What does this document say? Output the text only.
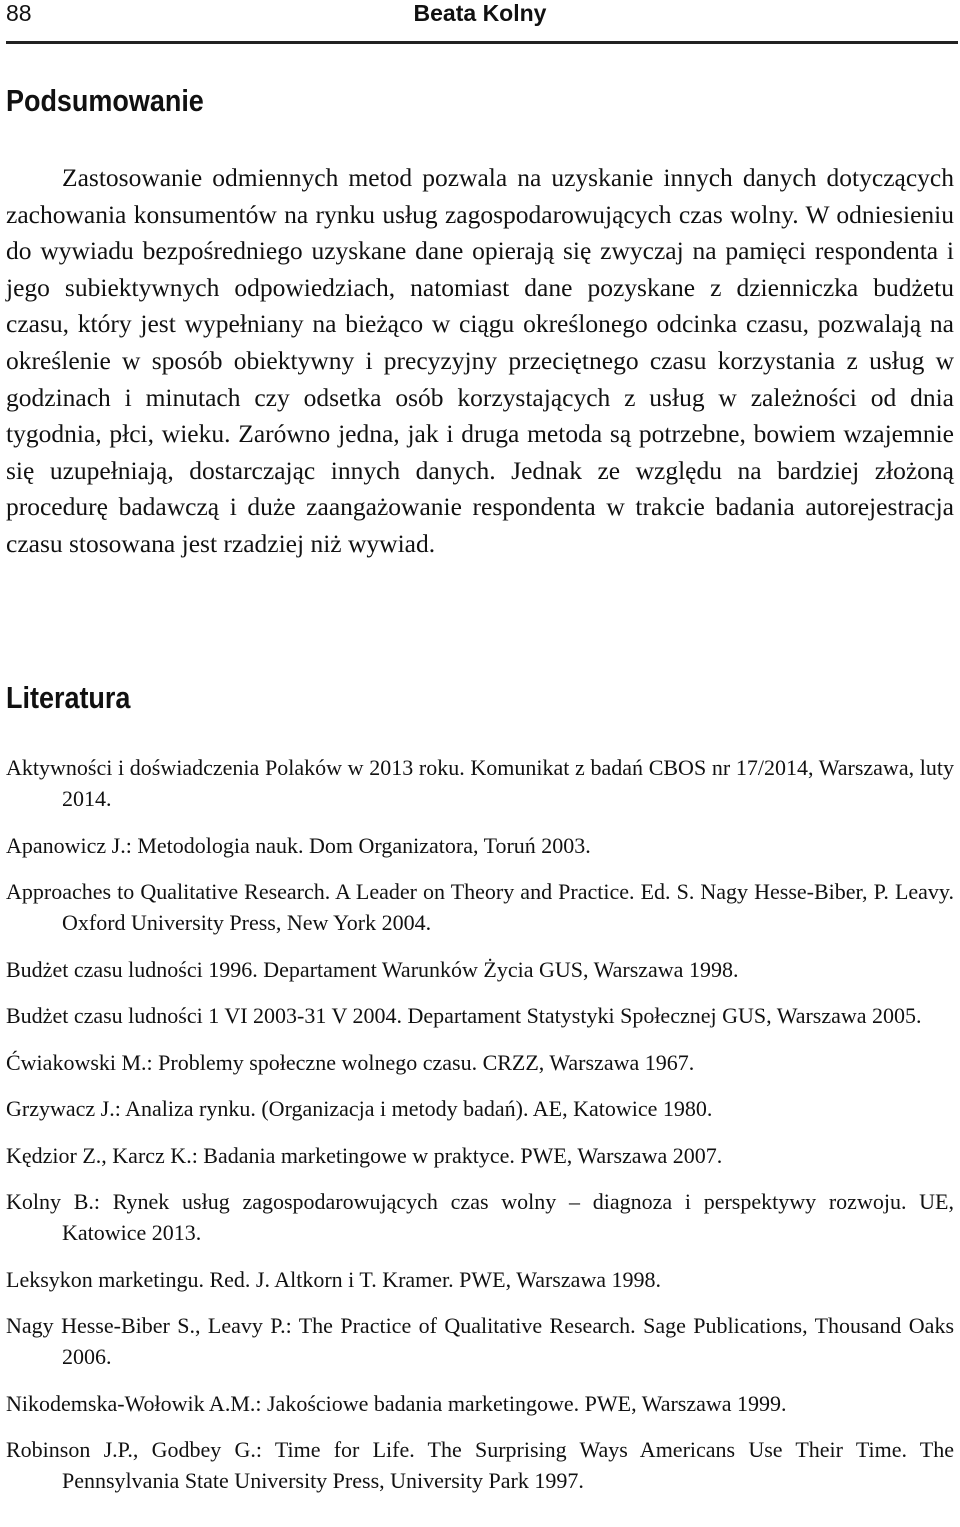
88	Beata Kolny
Podsumowanie

Zastosowanie odmiennych metod pozwala na uzyskanie innych danych dotyczących zachowania konsumentów na rynku usług zagospodarowujących czas wolny. W odniesieniu do wywiadu bezpośredniego uzyskane dane opierają się zwyczaj na pamięci respondenta i jego subiektywnych odpowiedziach, natomiast dane pozyskane z dzienniczka budżetu czasu, który jest wypełniany na bieżąco w ciągu określonego odcinka czasu, pozwalają na określenie w sposób obiektywny i precyzyjny przeciętnego czasu korzystania z usług w godzinach i minutach czy odsetka osób korzystających z usług w zależności od dnia tygodnia, płci, wieku. Zarówno jedna, jak i druga metoda są potrzebne, bowiem wzajemnie się uzupełniają, dostarczając innych danych. Jednak ze względu na bardziej złożoną procedurę badawczą i duże zaangażowanie respondenta w trakcie badania autorejestracja czasu stosowana jest rzadziej niż wywiad.

Literatura
Aktywności i doświadczenia Polaków w 2013 roku. Komunikat z badań CBOS nr 17/2014, Warszawa, luty 2014.
Apanowicz J.: Metodologia nauk. Dom Organizatora, Toruń 2003.
Approaches to Qualitative Research. A Leader on Theory and Practice. Ed. S. Nagy Hesse-Biber, P. Leavy. Oxford University Press, New York 2004.
Budżet czasu ludności 1996. Departament Warunków Życia GUS, Warszawa 1998.
Budżet czasu ludności 1 VI 2003-31 V 2004. Departament Statystyki Społecznej GUS, Warszawa 2005.
Ćwiakowski M.: Problemy społeczne wolnego czasu. CRZZ, Warszawa 1967.
Grzywacz J.: Analiza rynku. (Organizacja i metody badań). AE, Katowice 1980.
Kędzior Z., Karcz K.: Badania marketingowe w praktyce. PWE, Warszawa 2007.
Kolny B.: Rynek usług zagospodarowujących czas wolny – diagnoza i perspektywy rozwoju. UE, Katowice 2013.
Leksykon marketingu. Red. J. Altkorn i T. Kramer. PWE, Warszawa 1998.
Nagy Hesse-Biber S., Leavy P.: The Practice of Qualitative Research. Sage Publications, Thousand Oaks 2006.
Nikodemska-Wołowik A.M.: Jakościowe badania marketingowe. PWE, Warszawa 1999.
Robinson J.P., Godbey G.: Time for Life. The Surprising Ways Americans Use Their Time. The Pennsylvania State University Press, University Park 1997.
